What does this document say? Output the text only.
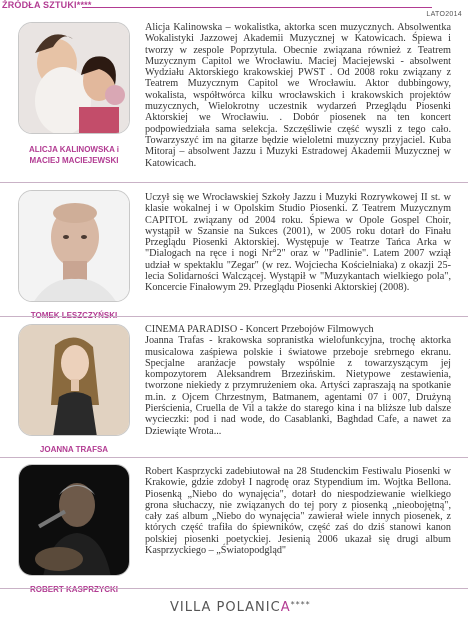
ŹRÓDŁA SZTUKI****
LATO2014
ALICJA KALINOWSKA i
MACIEJ MACIEJEWSKI

Alicja Kalinowska – wokalistka, aktorka scen muzycznych. Absolwentka Wokalistyki Jazzowej Akademii Muzycznej w Katowicach. Śpiewa i tworzy w zespole Poprzytula. Obecnie związana również z Teatrem Muzycznym Capitol we Wrocławiu. Maciej Maciejewski - absolwent Wydziału Aktorskiego krakowskiej PWST . Od 2008 roku związany z Teatrem Muzycznym Capitol we Wrocławiu. Aktor dubbingowy, wokalista, współtwórca kilku wrocławskich i krakowskich projektów muzycznych, Wielokrotny uczestnik wydarzeń Przeglądu Piosenki Aktorskiej we Wrocławiu. . Dobór piosenek na ten koncert podpowiedziała sama selekcja. Szczęśliwie część wyszli z tego cało. Towarzyszyć im na gitarze będzie wieloletni muzyczny przyjaciel. Kuba Mitoraj – absolwent Jazzu i Muzyki Estradowej Akademii Muzycznej w Katowicach.

TOMEK LESZCZYŃSKI

Uczył się we Wrocławskiej Szkoły Jazzu i Muzyki Rozrywkowej II st. w klasie wokalnej i w Opolskim Studio Piosenki. Z Teatrem Muzycznym CAPITOL związany od 2004 roku. Śpiewa w Opole Gospel Choir, wystąpił w Szansie na Sukces (2001), w 2005 roku dotarł do Finału Przeglądu Piosenki Aktorskiej. Występuje w Teatrze Tańca Arka w "Dialogach na ręce i nogi Nr°2" oraz w "Padlinie". Latem 2007 wziął udział w spektaklu "Zegar" (w rez. Wojciecha Kościelniaka) z okazji 25-lecia Solidarności Walczącej. Wystąpił w "Muzykantach wielkiego pola", Koncercie Finałowym 29. Przeglądu Piosenki Aktorskiej (2008).

JOANNA TRAFSA
CINEMA PARADISO - Koncert Przebojów Filmowych
Joanna Trafas - krakowska sopranistka wielofunkcyjna, trochę aktorka musicalowa zaśpiewa polskie i światowe przeboje srebrnego ekranu. Specjalne aranżacje powstały wspólnie z towarzyszącym jej kompozytorem Aleksandrem Brzezińskim. Nietypowe zestawienia, tworzone niekiedy z przymrużeniem oka. Artyści zapraszają na spotkanie m.in. z Ojcem Chrzestnym, Batmanem, agentami 07 i 007, Drużyną Pierścienia, Cruella de Vil a także do starego kina i na bliższe lub dalsze wycieczki: pod i nad wode, do Casablanki, Baghdad Cafe, a nawet za Dziewiąte Wrota...
ROBERT KASPRZYCKI

Robert Kasprzycki zadebiutował na 28 Studenckim Festiwalu Piosenki w Krakowie, gdzie zdobył I nagrodę oraz Stypendium im. Wojtka Bellona. Piosenką „Niebo do wynajęcia", dotarł do niespodziewanie wielkiego grona słuchaczy, nie związanych do tej pory z piosenką „nieobojętną", cały zaś album „Niebo do wynajęcia" zawierał wiele innych piosenek, z których część trafiła do śpiewników, część zaś do dziś stanowi kanon polskiej piosenki poetyckiej. Jesienią 2006 ukazał się drugi album Kasprzyckiego – „Światopodgląd"

VILLA POLANICA****
